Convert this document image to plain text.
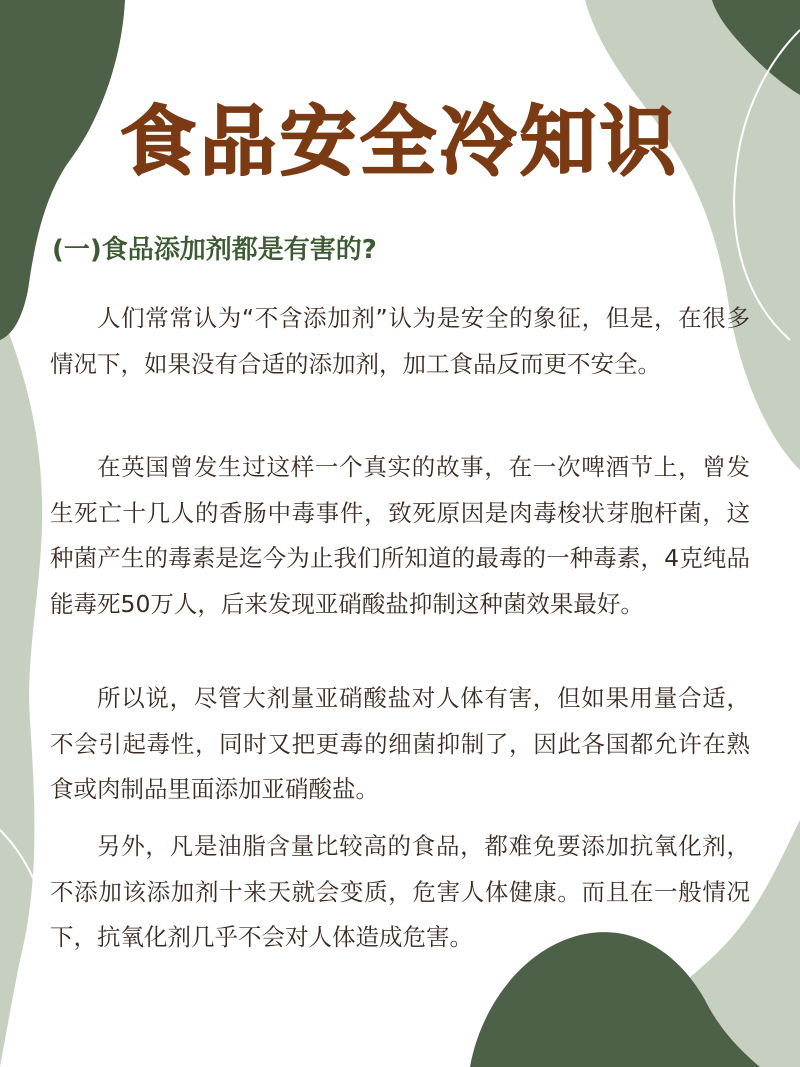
食品安全冷知识
(一)食品添加剂都是有害的?

人们常常认为“不含添加剂”认为是安全的象征，但是，在很多情况下，如果没有合适的添加剂，加工食品反而更不安全。

在英国曾发生过这样一个真实的故事，在一次啤酒节上，曾发生死亡十几人的香肠中毒事件，致死原因是肉毒梭状芽胞杆菌，这种菌产生的毒素是迄今为止我们所知道的最毒的一种毒素，4克纯品能毒死50万人，后来发现亚硝酸盐抑制这种菌效果最好。

所以说，尽管大剂量亚硝酸盐对人体有害，但如果用量合适，不会引起毒性，同时又把更毒的细菌抑制了，因此各国都允许在熟食或肉制品里面添加亚硝酸盐。

另外，凡是油脂含量比较高的食品，都难免要添加抗氧化剂，不添加该添加剂十来天就会变质，危害人体健康。而且在一般情况下，抗氧化剂几乎不会对人体造成危害。
